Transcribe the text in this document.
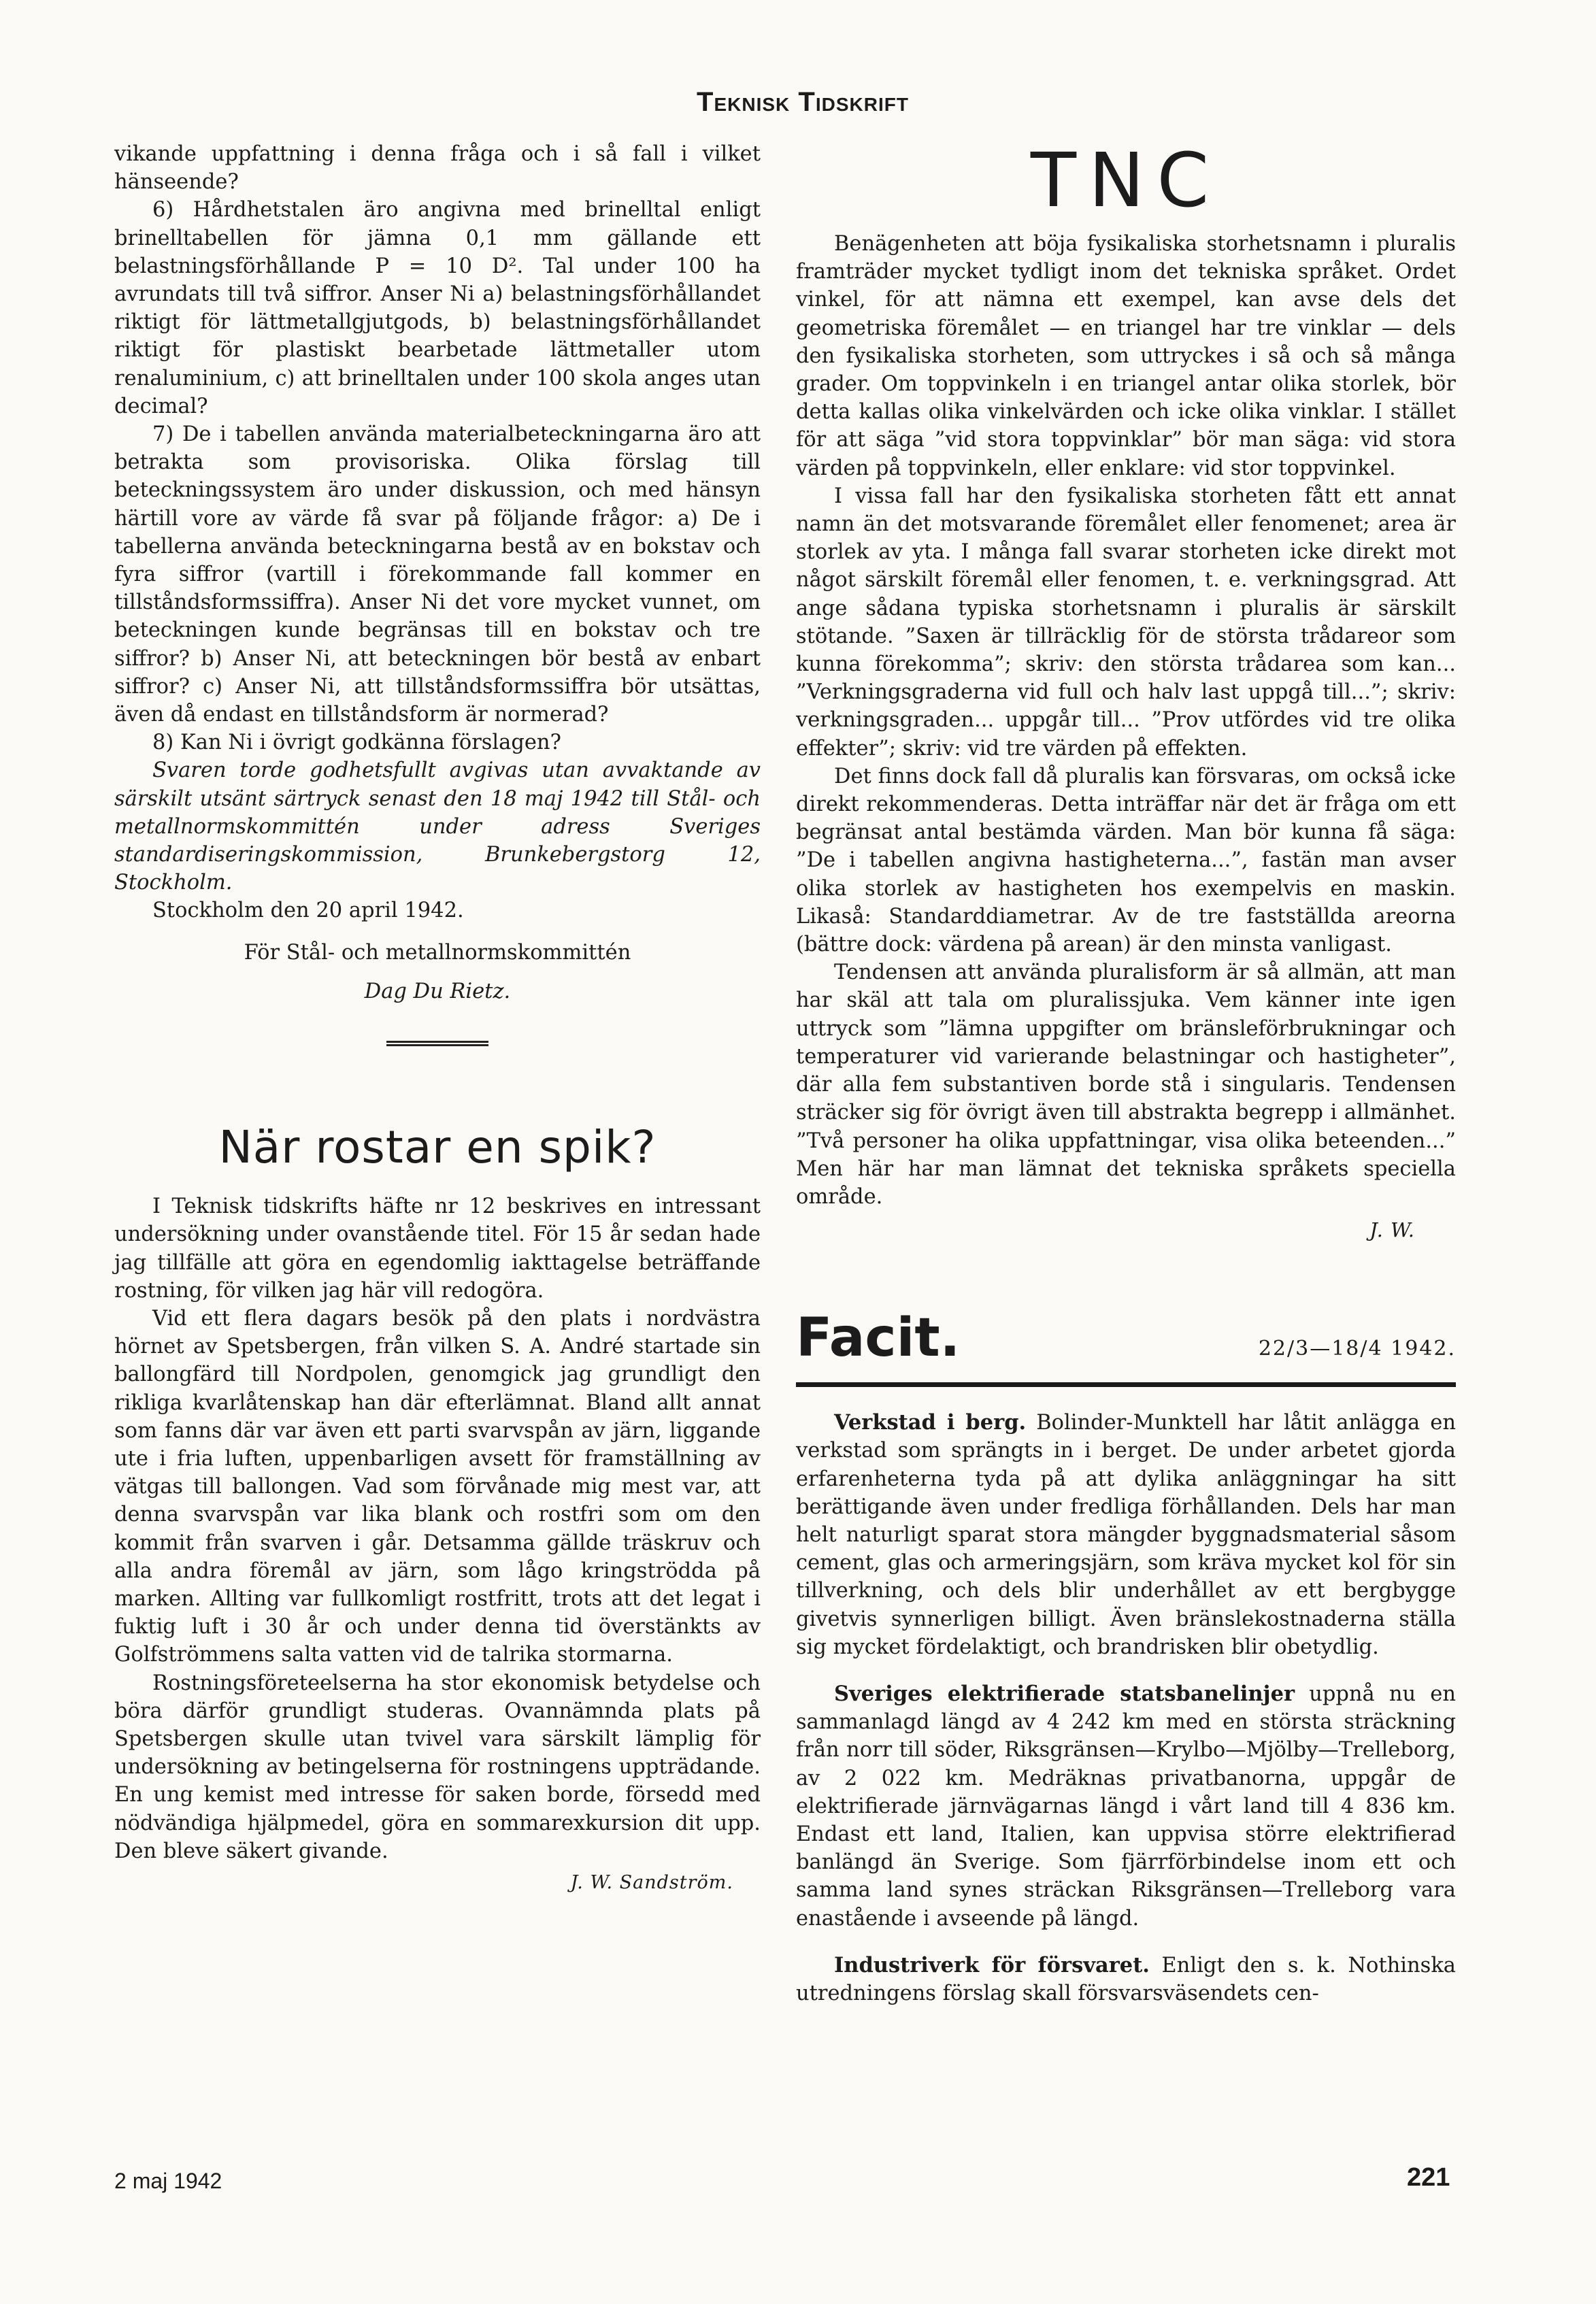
Teknisk Tidskrift

vikande uppfattning i denna fråga och i så fall i vilket hänseende?

6) Hårdhetstalen äro angivna med brinelltal enligt brinelltabellen för jämna 0,1 mm gällande ett belastningsförhållande P = 10 D². Tal under 100 ha avrundats till två siffror. Anser Ni a) belastningsförhållandet riktigt för lättmetallgjutgods, b) belastningsförhållandet riktigt för plastiskt bearbetade lättmetaller utom renaluminium, c) att brinelltalen under 100 skola anges utan decimal?

7) De i tabellen använda materialbeteckningarna äro att betrakta som provisoriska. Olika förslag till beteckningssystem äro under diskussion, och med hänsyn härtill vore av värde få svar på följande frågor: a) De i tabellerna använda beteckningarna bestå av en bokstav och fyra siffror (vartill i förekommande fall kommer en tillståndsformssiffra). Anser Ni det vore mycket vunnet, om beteckningen kunde begränsas till en bokstav och tre siffror? b) Anser Ni, att beteckningen bör bestå av enbart siffror? c) Anser Ni, att tillståndsformssiffra bör utsättas, även då endast en tillståndsform är normerad?

8) Kan Ni i övrigt godkänna förslagen?

Svaren torde godhetsfullt avgivas utan avvaktande av särskilt utsänt särtryck senast den 18 maj 1942 till Stål- och metallnormskommittén under adress Sveriges standardiseringskommission, Brunkebergstorg 12, Stockholm.

Stockholm den 20 april 1942.

För Stål- och metallnormskommittén

Dag Du Rietz.

När rostar en spik?

I Teknisk tidskrifts häfte nr 12 beskrives en intressant undersökning under ovanstående titel. För 15 år sedan hade jag tillfälle att göra en egendomlig iakttagelse beträffande rostning, för vilken jag här vill redogöra.

Vid ett flera dagars besök på den plats i nordvästra hörnet av Spetsbergen, från vilken S. A. André startade sin ballongfärd till Nordpolen, genomgick jag grundligt den rikliga kvarlåtenskap han där efterlämnat. Bland allt annat som fanns där var även ett parti svarvspån av järn, liggande ute i fria luften, uppenbarligen avsett för framställning av vätgas till ballongen. Vad som förvånade mig mest var, att denna svarvspån var lika blank och rostfri som om den kommit från svarven i går. Detsamma gällde träskruv och alla andra föremål av järn, som lågo kringströdda på marken. Allting var fullkomligt rostfritt, trots att det legat i fuktig luft i 30 år och under denna tid överstänkts av Golfströmmens salta vatten vid de talrika stormarna.

Rostningsföreteelserna ha stor ekonomisk betydelse och böra därför grundligt studeras. Ovannämnda plats på Spetsbergen skulle utan tvivel vara särskilt lämplig för undersökning av betingelserna för rostningens uppträdande. En ung kemist med intresse för saken borde, försedd med nödvändiga hjälpmedel, göra en sommarexkursion dit upp. Den bleve säkert givande.

J. W. Sandström.

TNC

Benägenheten att böja fysikaliska storhetsnamn i pluralis framträder mycket tydligt inom det tekniska språket. Ordet vinkel, för att nämna ett exempel, kan avse dels det geometriska föremålet — en triangel har tre vinklar — dels den fysikaliska storheten, som uttryckes i så och så många grader. Om toppvinkeln i en triangel antar olika storlek, bör detta kallas olika vinkelvärden och icke olika vinklar. I stället för att säga ”vid stora toppvinklar” bör man säga: vid stora värden på toppvinkeln, eller enklare: vid stor toppvinkel.

I vissa fall har den fysikaliska storheten fått ett annat namn än det motsvarande föremålet eller fenomenet; area är storlek av yta. I många fall svarar storheten icke direkt mot något särskilt föremål eller fenomen, t. e. verkningsgrad. Att ange sådana typiska storhetsnamn i pluralis är särskilt stötande. ”Saxen är tillräcklig för de största trådareor som kunna förekomma”; skriv: den största trådarea som kan... ”Verkningsgraderna vid full och halv last uppgå till...”; skriv: verkningsgraden... uppgår till... ”Prov utfördes vid tre olika effekter”; skriv: vid tre värden på effekten.

Det finns dock fall då pluralis kan försvaras, om också icke direkt rekommenderas. Detta inträffar när det är fråga om ett begränsat antal bestämda värden. Man bör kunna få säga: ”De i tabellen angivna hastigheterna...”, fastän man avser olika storlek av hastigheten hos exempelvis en maskin. Likaså: Standarddiametrar. Av de tre fastställda areorna (bättre dock: värdena på arean) är den minsta vanligast.

Tendensen att använda pluralisform är så allmän, att man har skäl att tala om pluralissjuka. Vem känner inte igen uttryck som ”lämna uppgifter om bränsleförbrukningar och temperaturer vid varierande belastningar och hastigheter”, där alla fem substantiven borde stå i singularis. Tendensen sträcker sig för övrigt även till abstrakta begrepp i allmänhet. ”Två personer ha olika uppfattningar, visa olika beteenden...” Men här har man lämnat det tekniska språkets speciella område.

J. W.

Facit.	22/3—18/4 1942.

Verkstad i berg. Bolinder-Munktell har låtit anlägga en verkstad som sprängts in i berget. De under arbetet gjorda erfarenheterna tyda på att dylika anläggningar ha sitt berättigande även under fredliga förhållanden. Dels har man helt naturligt sparat stora mängder byggnadsmaterial såsom cement, glas och armeringsjärn, som kräva mycket kol för sin tillverkning, och dels blir underhållet av ett bergbygge givetvis synnerligen billigt. Även bränslekostnaderna ställa sig mycket fördelaktigt, och brandrisken blir obetydlig.

Sveriges elektrifierade statsbanelinjer uppnå nu en sammanlagd längd av 4 242 km med en största sträckning från norr till söder, Riksgränsen—Krylbo—Mjölby—Trelleborg, av 2 022 km. Medräknas privatbanorna, uppgår de elektrifierade järnvägarnas längd i vårt land till 4 836 km. Endast ett land, Italien, kan uppvisa större elektrifierad banlängd än Sverige. Som fjärrförbindelse inom ett och samma land synes sträckan Riksgränsen—Trelleborg vara enastående i avseende på längd.

Industriverk för försvaret. Enligt den s. k. Nothinska utredningens förslag skall försvarsväsendets cen-

2 maj 1942	221
